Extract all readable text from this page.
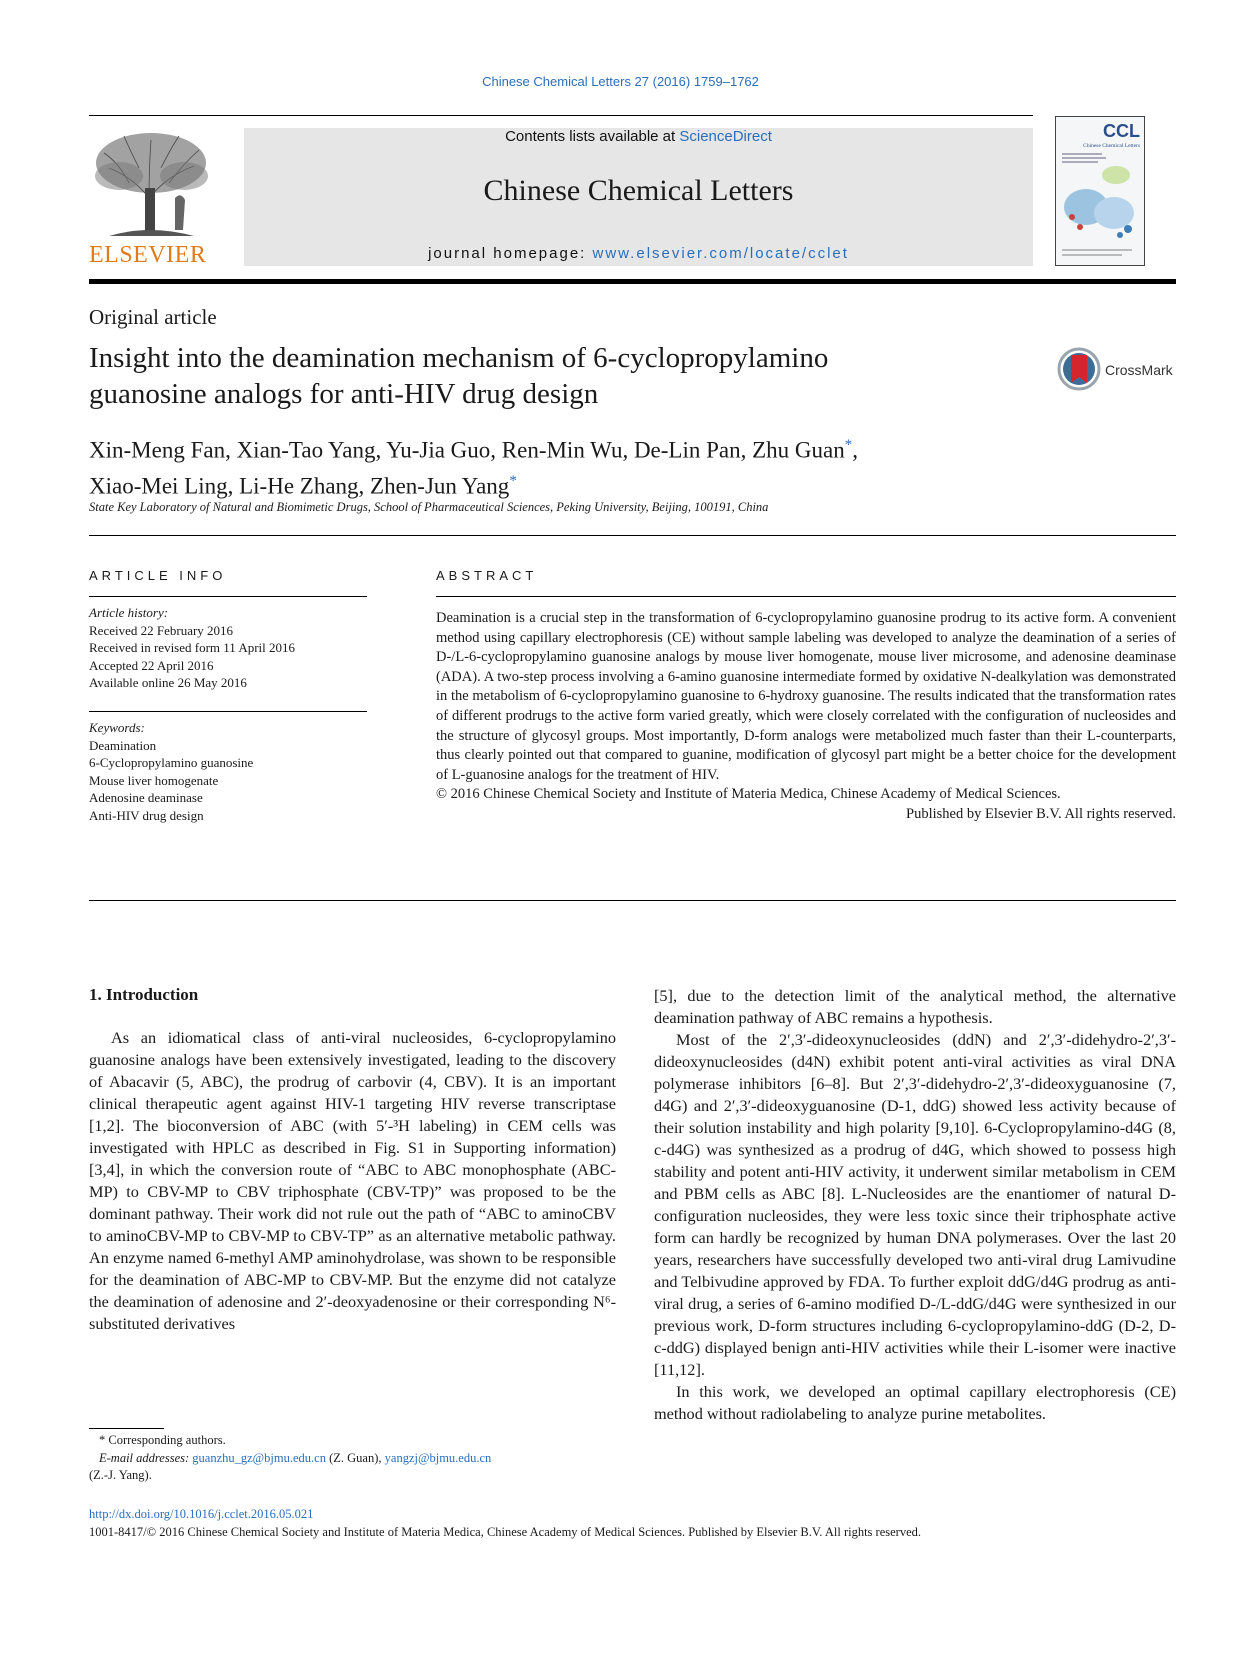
Chinese Chemical Letters 27 (2016) 1759–1762
ELSEVIER
Contents lists available at ScienceDirect
Chinese Chemical Letters
journal homepage: www.elsevier.com/locate/cclet
CCL
Chinese Chemical Letters
Original article
Insight into the deamination mechanism of 6-cyclopropylamino
guanosine analogs for anti-HIV drug design
CrossMark
Xin-Meng Fan, Xian-Tao Yang, Yu-Jia Guo, Ren-Min Wu, De-Lin Pan, Zhu Guan*,
Xiao-Mei Ling, Li-He Zhang, Zhen-Jun Yang*
State Key Laboratory of Natural and Biomimetic Drugs, School of Pharmaceutical Sciences, Peking University, Beijing, 100191, China
ARTICLE INFO
Article history:
Received 22 February 2016
Received in revised form 11 April 2016
Accepted 22 April 2016
Available online 26 May 2016
Keywords:
Deamination
6-Cyclopropylamino guanosine
Mouse liver homogenate
Adenosine deaminase
Anti-HIV drug design
ABSTRACT

Deamination is a crucial step in the transformation of 6-cyclopropylamino guanosine prodrug to its active form. A convenient method using capillary electrophoresis (CE) without sample labeling was developed to analyze the deamination of a series of D-/L-6-cyclopropylamino guanosine analogs by mouse liver homogenate, mouse liver microsome, and adenosine deaminase (ADA). A two-step process involving a 6-amino guanosine intermediate formed by oxidative N-dealkylation was demonstrated in the metabolism of 6-cyclopropylamino guanosine to 6-hydroxy guanosine. The results indicated that the transformation rates of different prodrugs to the active form varied greatly, which were closely correlated with the configuration of nucleosides and the structure of glycosyl groups. Most importantly, D-form analogs were metabolized much faster than their L-counterparts, thus clearly pointed out that compared to guanine, modification of glycosyl part might be a better choice for the development of L-guanosine analogs for the treatment of HIV.

© 2016 Chinese Chemical Society and Institute of Materia Medica, Chinese Academy of Medical Sciences.

Published by Elsevier B.V. All rights reserved.

1. Introduction

As an idiomatical class of anti-viral nucleosides, 6-cyclopropylamino guanosine analogs have been extensively investigated, leading to the discovery of Abacavir (5, ABC), the prodrug of carbovir (4, CBV). It is an important clinical therapeutic agent against HIV-1 targeting HIV reverse transcriptase [1,2]. The bioconversion of ABC (with 5′-³H labeling) in CEM cells was investigated with HPLC as described in Fig. S1 in Supporting information) [3,4], in which the conversion route of “ABC to ABC monophosphate (ABC-MP) to CBV-MP to CBV triphosphate (CBV-TP)” was proposed to be the dominant pathway. Their work did not rule out the path of “ABC to aminoCBV to aminoCBV-MP to CBV-MP to CBV-TP” as an alternative metabolic pathway. An enzyme named 6-methyl AMP aminohydrolase, was shown to be responsible for the deamination of ABC-MP to CBV-MP. But the enzyme did not catalyze the deamination of adenosine and 2′-deoxyadenosine or their corresponding N⁶-substituted derivatives

[5], due to the detection limit of the analytical method, the alternative deamination pathway of ABC remains a hypothesis.

Most of the 2′,3′-dideoxynucleosides (ddN) and 2′,3′-didehydro-2′,3′-dideoxynucleosides (d4N) exhibit potent anti-viral activities as viral DNA polymerase inhibitors [6–8]. But 2′,3′-didehydro-2′,3′-dideoxyguanosine (7, d4G) and 2′,3′-dideoxyguanosine (D-1, ddG) showed less activity because of their solution instability and high polarity [9,10]. 6-Cyclopropylamino-d4G (8, c-d4G) was synthesized as a prodrug of d4G, which showed to possess high stability and potent anti-HIV activity, it underwent similar metabolism in CEM and PBM cells as ABC [8]. L-Nucleosides are the enantiomer of natural D-configuration nucleosides, they were less toxic since their triphosphate active form can hardly be recognized by human DNA polymerases. Over the last 20 years, researchers have successfully developed two anti-viral drug Lamivudine and Telbivudine approved by FDA. To further exploit ddG/d4G prodrug as anti-viral drug, a series of 6-amino modified D-/L-ddG/d4G were synthesized in our previous work, D-form structures including 6-cyclopropylamino-ddG (D-2, D-c-ddG) displayed benign anti-HIV activities while their L-isomer were inactive [11,12].

In this work, we developed an optimal capillary electrophoresis (CE) method without radiolabeling to analyze purine metabolites.

* Corresponding authors.
E-mail addresses: guanzhu_gz@bjmu.edu.cn (Z. Guan), yangzj@bjmu.edu.cn
(Z.-J. Yang).
http://dx.doi.org/10.1016/j.cclet.2016.05.021
1001-8417/© 2016 Chinese Chemical Society and Institute of Materia Medica, Chinese Academy of Medical Sciences. Published by Elsevier B.V. All rights reserved.
